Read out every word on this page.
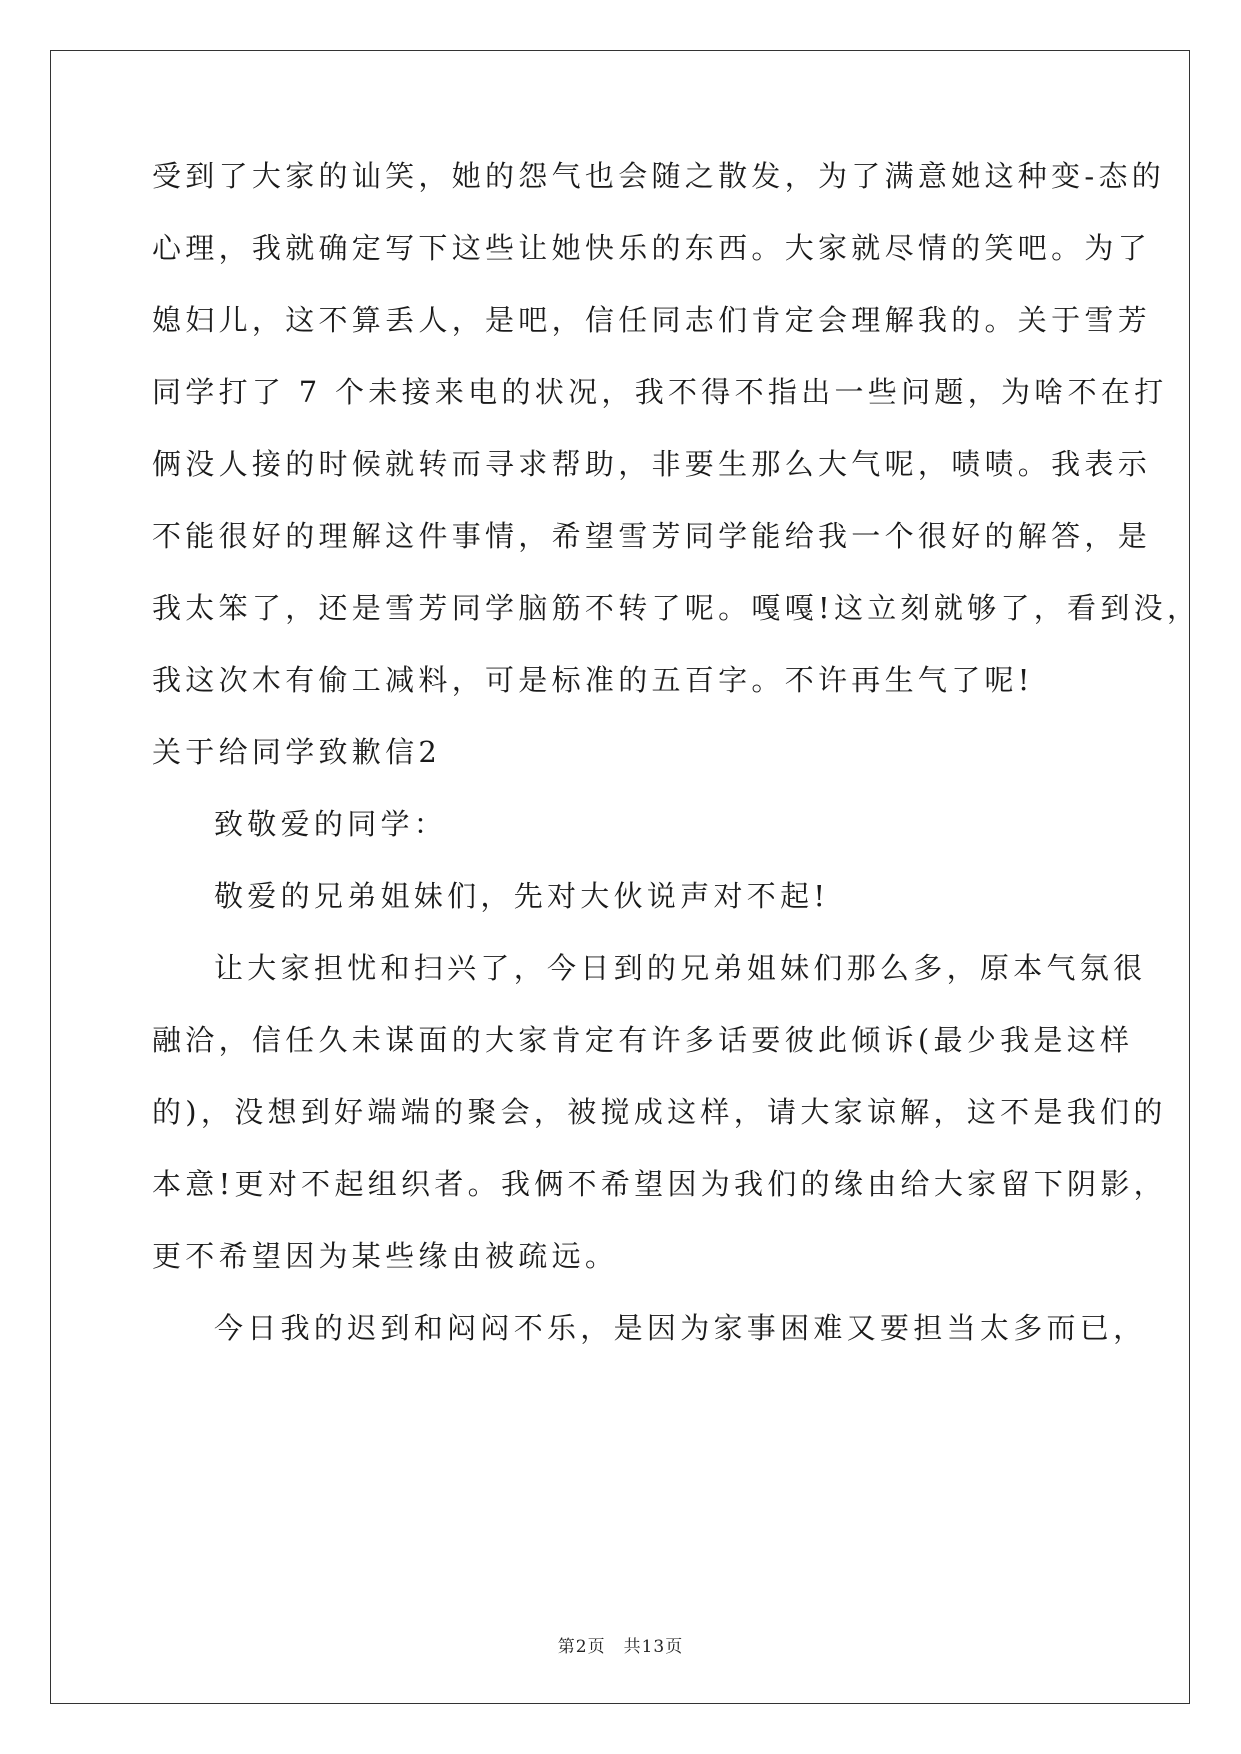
受到了大家的讪笑，她的怨气也会随之散发，为了满意她这种变-态的
心理，我就确定写下这些让她快乐的东西。大家就尽情的笑吧。为了
媳妇儿，这不算丢人，是吧，信任同志们肯定会理解我的。关于雪芳
同学打了 7 个未接来电的状况，我不得不指出一些问题，为啥不在打
俩没人接的时候就转而寻求帮助，非要生那么大气呢，啧啧。我表示
不能很好的理解这件事情，希望雪芳同学能给我一个很好的解答，是
我太笨了，还是雪芳同学脑筋不转了呢。嘎嘎!这立刻就够了，看到没，
我这次木有偷工减料，可是标准的五百字。不许再生气了呢!
关于给同学致歉信2
致敬爱的同学：
敬爱的兄弟姐妹们，先对大伙说声对不起!
让大家担忧和扫兴了，今日到的兄弟姐妹们那么多，原本气氛很
融洽，信任久未谋面的大家肯定有许多话要彼此倾诉(最少我是这样
的)，没想到好端端的聚会，被搅成这样，请大家谅解，这不是我们的
本意!更对不起组织者。我俩不希望因为我们的缘由给大家留下阴影，
更不希望因为某些缘由被疏远。
今日我的迟到和闷闷不乐，是因为家事困难又要担当太多而已，
第2页　共13页
